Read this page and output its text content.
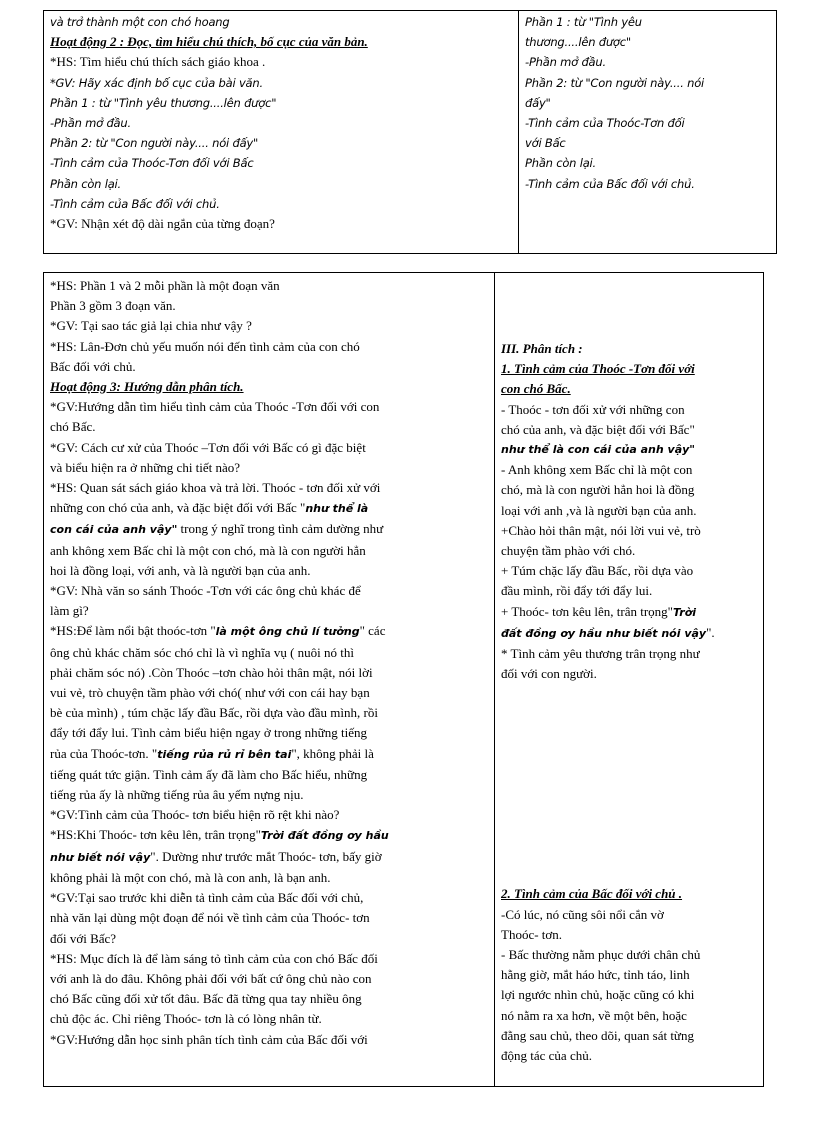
và trở thành một con chó hoang
Hoạt động 2 : Đọc, tìm hiểu chú thích, bố cục của văn bản.
*HS: Tìm hiểu chú thích sách giáo khoa .
*GV: Hãy xác định bố cục của bài văn.
Phần 1 : từ "Tình yêu thương....lên được"
-Phần mở đầu.
Phần 2: từ "Con người này.... nói đấy"
-Tình cảm của Thoóc-Tơn đối với Bấc
Phần còn lại.
-Tình cảm của Bấc đối với chủ.
*GV: Nhận xét độ dài ngắn của từng đoạn?
Phần 1 : từ "Tình yêu
thương....lên được"
-Phần mở đầu.
Phần 2: từ "Con người này.... nói
đấy"
-Tình cảm của Thoóc-Tơn đối
với Bấc
Phần còn lại.
-Tình cảm của Bấc đối với chủ.
*HS: Phần 1 và 2 mỗi phần là một đoạn văn
Phần 3 gồm 3 đoạn văn.
*GV: Tại sao tác giả lại chia như vậy ?
*HS: Lân-Đơn chủ yếu muốn nói đến tình cảm của con chó
Bấc đối với chủ.
Hoạt động 3: Hướng dẫn phân tích.
*GV:Hướng dẫn tìm hiểu tình cảm của Thoóc -Tơn đối với con
chó Bấc.
*GV: Cách cư xử của Thoóc –Tơn đối với Bấc có gì đặc biệt
và biểu hiện ra ở những chi tiết nào?
*HS: Quan sát sách giáo khoa và trả lời. Thoóc - tơn đối xử với
những con chó của anh, và đặc biệt đối với Bấc "như thể là
con cái của anh vậy" trong ý nghĩ trong tình cảm dường như
anh không xem Bấc chỉ là một con chó, mà là con người hẳn
hoi là đồng loại, với anh, và là người bạn của anh.
*GV: Nhà văn so sánh Thoóc -Tơn với các ông chủ khác để
làm gì?
*HS:Để làm nổi bật thoóc-tơn "là một ông chủ lí tưởng" các
ông chủ khác chăm sóc chó chỉ là vì nghĩa vụ ( nuôi nó thì
phải chăm sóc nó) .Còn Thoóc –tơn chào hỏi thân mật, nói lời
vui vẻ, trò chuyện tầm phào với chó( như với con cái hay bạn
bè của mình) , túm chặc lấy đầu Bấc, rồi dựa vào đầu mình, rồi
đẩy tới đẩy lui. Tình cảm biểu hiện ngay ở trong những tiếng
rủa của Thoóc-tơn. "tiếng rủa rủ rỉ bên tai", không phải là
tiếng quát tức giận. Tình cảm ấy đã làm cho Bấc hiểu, những
tiếng rủa ấy là những tiếng rủa âu yếm nựng nịu.
*GV:Tình cảm của Thoóc- tơn biểu hiện rõ rệt khi nào?
*HS:Khi Thoóc- tơn kêu lên, trân trọng"Trời đất đồng ơy hầu
như biết nói vậy". Dường như trước mắt Thoóc- tơn, bấy giờ
không phải là một con chó, mà là con anh, là bạn anh.
*GV:Tại sao trước khi diễn tả tình cảm của Bấc đối với chủ,
nhà văn lại dùng một đoạn để nói về tình cảm của Thoóc- tơn
đối với Bấc?
*HS: Mục đích là để làm sáng tỏ tình cảm của con chó Bấc đối
với anh là do đâu. Không phải đối với bất cứ ông chủ nào con
chó Bấc cũng đối xử tốt đâu. Bấc đã từng qua tay nhiều ông
chủ độc ác. Chỉ riêng Thoóc- tơn là có lòng nhân từ.
*GV:Hướng dẫn học sinh phân tích tình cảm của Bấc đối với
III. Phân tích :
1. Tình cảm của Thoóc -Tơn đối với
con chó Bấc.
- Thoóc - tơn đối xử với những con
chó của anh, và đặc biệt đối với Bấc"
như thể là con cái của anh vậy"
- Anh không xem Bấc chỉ là một con
chó, mà là con người hẳn hoi là đồng
loại với anh ,và là người bạn của anh.
+Chào hỏi thân mật, nói lời vui vẻ, trò
chuyện tầm phào với chó.
+ Túm chặc lấy đầu Bấc, rồi dựa vào
đầu mình, rồi đẩy tới đẩy lui.
+ Thoóc- tơn kêu lên, trân trọng"Trời
đất đồng ơy hầu như biết nói vậy".
* Tình cảm yêu thương trân trọng như
đối với con người.
2. Tình cảm của Bấc đối với chủ .
-Có lúc, nó cũng sôi nổi cắn vờ
Thoóc- tơn.
- Bấc thường nằm phục dưới chân chủ
hằng giờ, mắt háo hức, tỉnh táo, linh
lợi ngước nhìn chủ, hoặc cũng có khi
nó nằm ra xa hơn, về một bên, hoặc
đằng sau chủ, theo dõi, quan sát từng
động tác của chủ.
